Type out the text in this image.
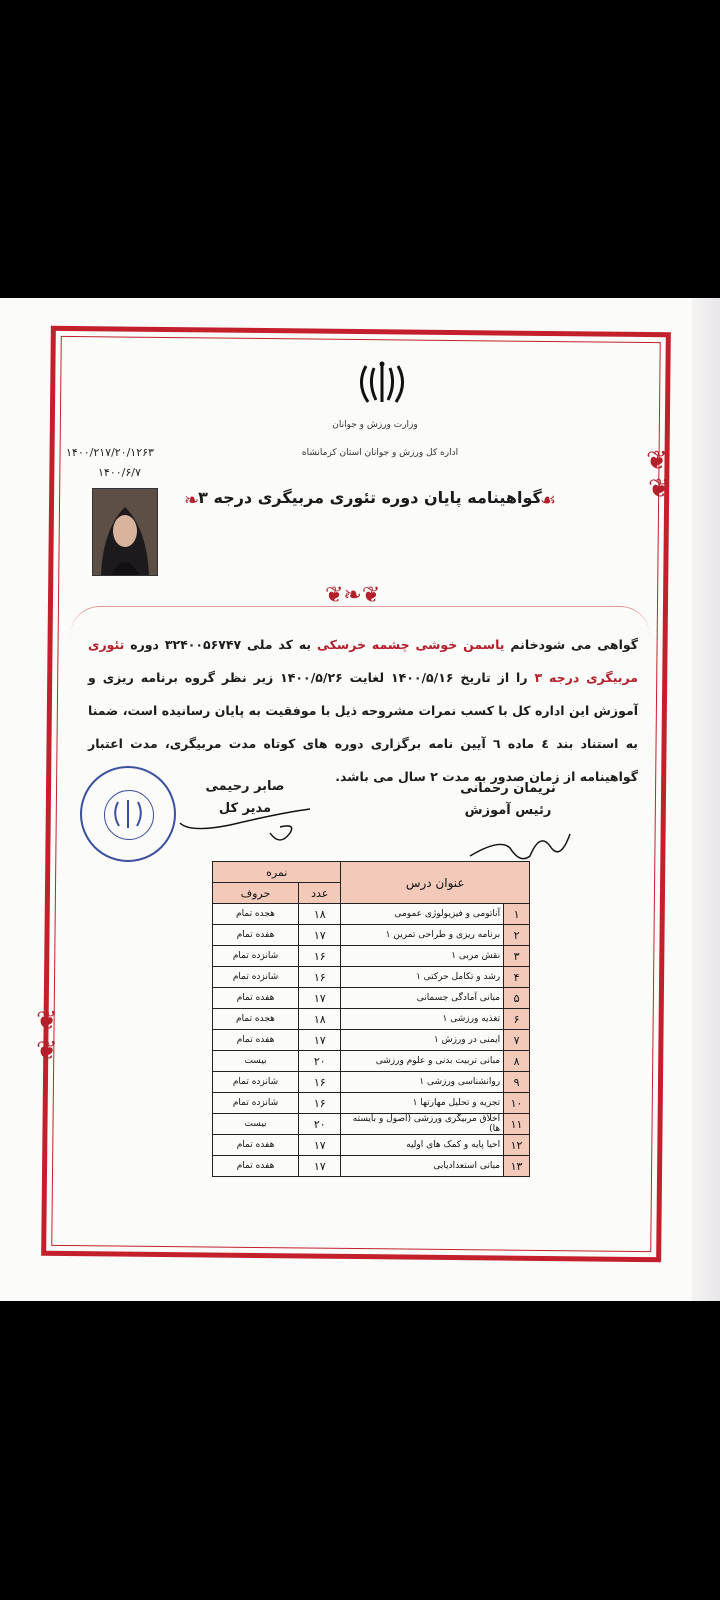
❦
❦
❦
❦
وزارت ورزش و جوانان
اداره کل ورزش و جوانان استان کرمانشاه
۱۴۰۰/۲۱۷/۲۰/۱۲۶۳
۱۴۰۰/۶/۷
❧ گواهینامه پایان دوره تئوری مربیگری درجه ۳
☙
❦❧❦
گواهی می شودخانم یاسمن خوشی چشمه خرسکی به کد ملی ۳۲۴۰۰۵۶۷۴۷ دوره تئوری مربیگری درجه ۳ را از تاریخ ۱۴۰۰/۵/۱۶ لغایت ۱۴۰۰/۵/۲۶ زیر نظر گروه برنامه ریزی و آموزش این اداره کل با کسب نمرات مشروحه ذیل با موفقیت به پایان رسانیده است، ضمنا به استناد بند ٤ ماده ٦ آیین نامه برگزاری دوره های کوتاه مدت مربیگری، مدت اعتبار گواهینامه از زمان صدور به مدت ۲ سال می باشد.
نریمان رحمانی
رئیس آموزش
صابر رحیمی
مدیر کل
عنوان درس		نمره	
		عدد	حروف
۱	آناتومی و فیزیولوژی عمومی	۱۸	هجده تمام
۲	برنامه ریزی و طراحی تمرین ۱	۱۷	هفده تمام
۳	نقش مربی ۱	۱۶	شانزده تمام
۴	رشد و تکامل حرکتی ۱	۱۶	شانزده تمام
۵	مبانی آمادگی جسمانی	۱۷	هفده تمام
۶	تغذیه ورزشی ۱	۱۸	هجده تمام
۷	ایمنی در ورزش ۱	۱۷	هفده تمام
۸	مبانی تربیت بدنی و علوم ورزشی	۲۰	بیست
۹	روانشناسی ورزشی ۱	۱۶	شانزده تمام
۱۰	تجزیه و تحلیل مهارتها ۱	۱۶	شانزده تمام
۱۱	اخلاق مربیگری ورزشی (اصول و بایسته ها)	۲۰	بیست
۱۲	احیا پایه و کمک های اولیه	۱۷	هفده تمام
۱۳	مبانی استعدادیابی	۱۷	هفده تمام
